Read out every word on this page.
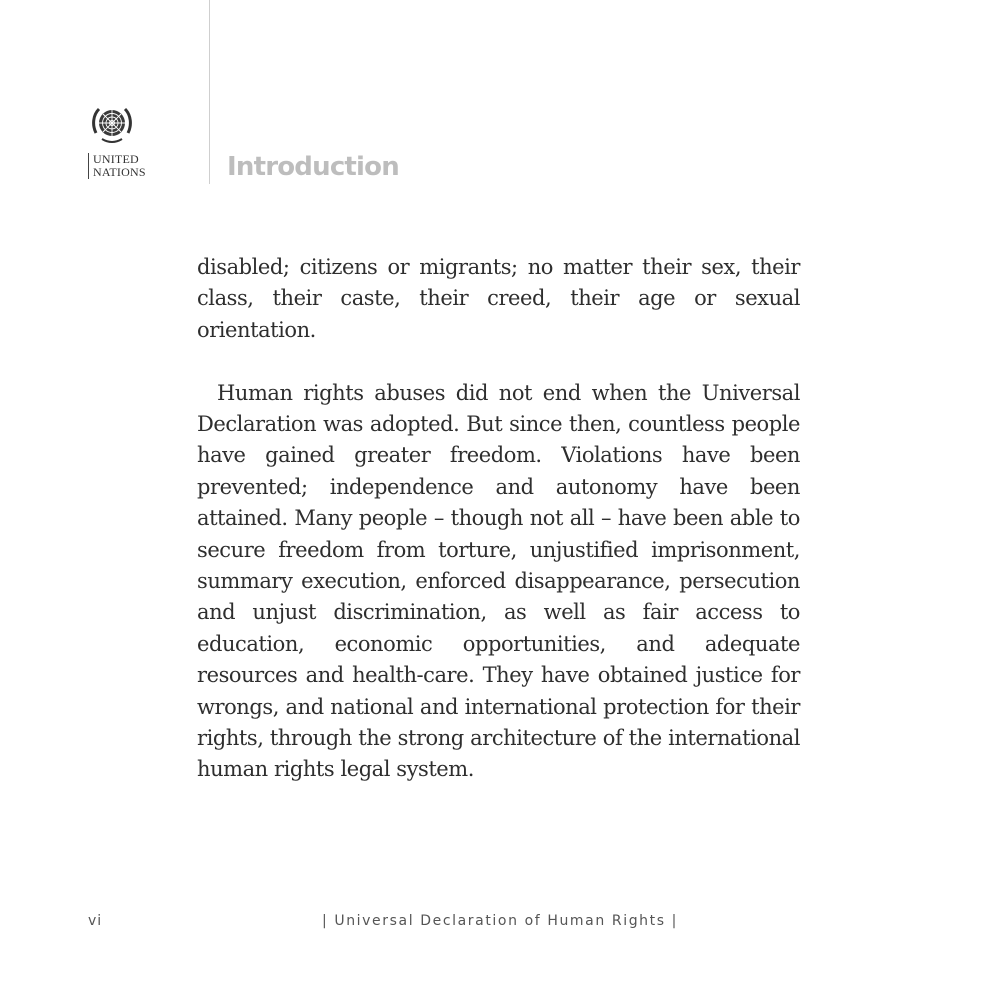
UNITED
NATIONS	Introduction

disabled; citizens or migrants; no matter their sex, their class, their caste, their creed, their age or sexual orientation.

Human rights abuses did not end when the Universal Declaration was adopted. But since then, countless people have gained greater freedom. Violations have been prevented; independence and autonomy have been attained. Many people – though not all – have been able to secure freedom from torture, unjustified imprisonment, summary execution, enforced disappearance, persecution and unjust discrimination, as well as fair access to education, economic opportunities, and adequate resources and health-care. They have obtained justice for wrongs, and national and international protection for their rights, through the strong architecture of the international human rights legal system.

vi	| Universal Declaration of Human Rights |
